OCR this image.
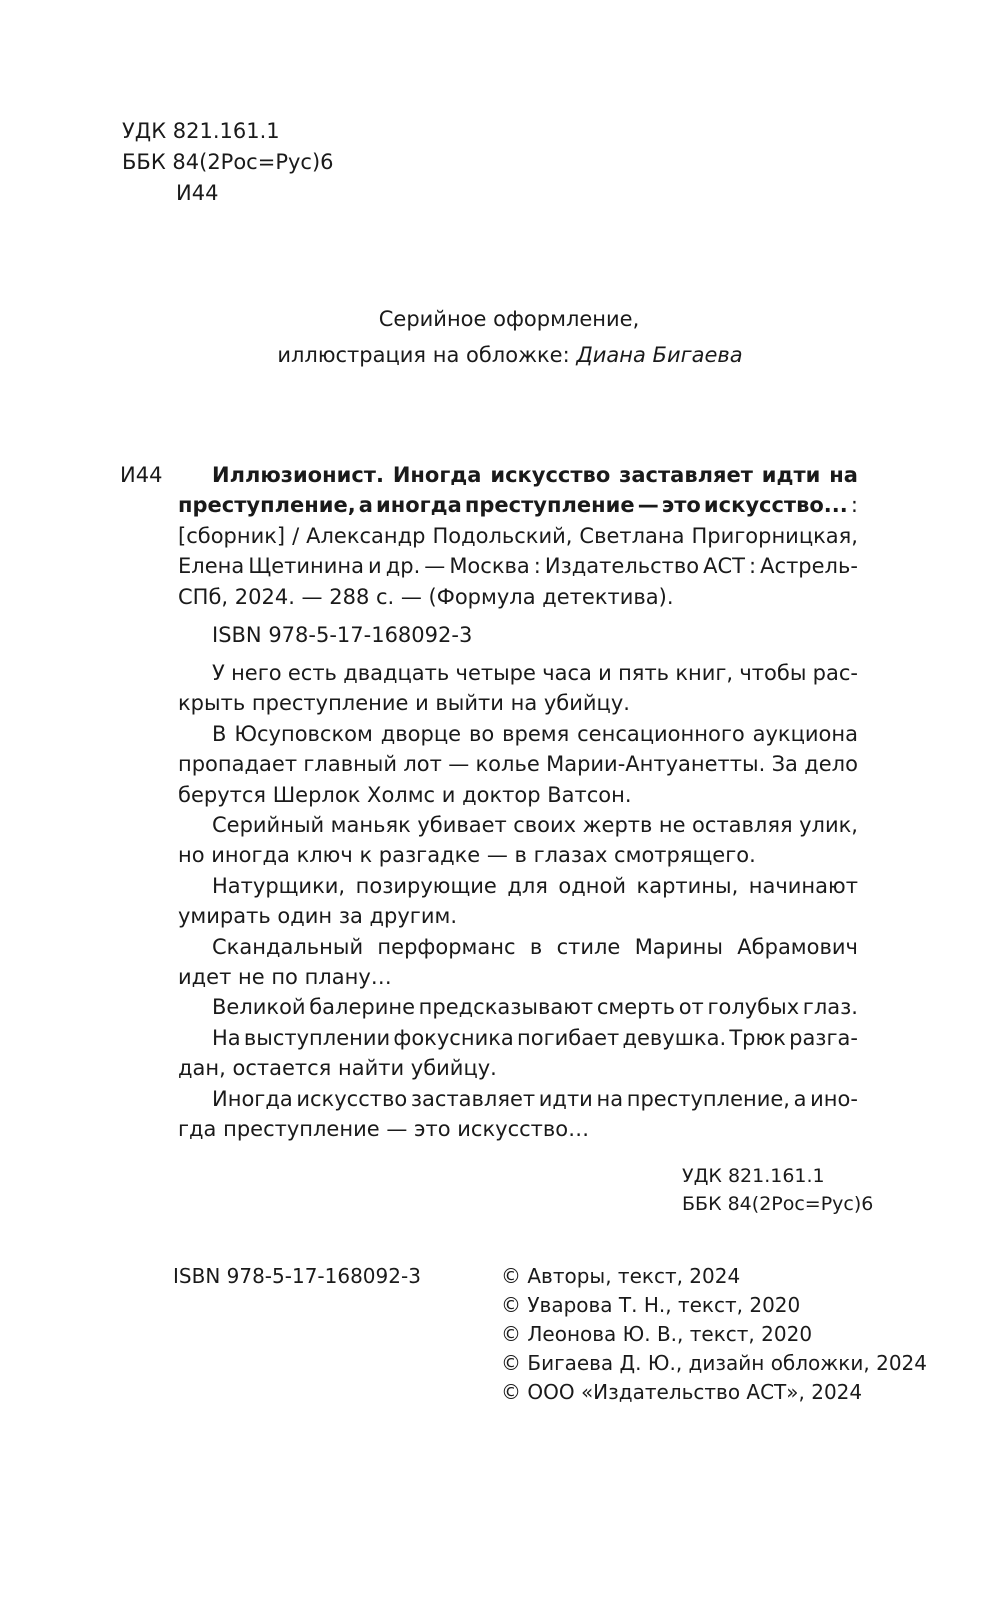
УДК 821.161.1
ББК 84(2Рос=Рус)6
И44
Серийное оформление,
иллюстрация на обложке: Диана Бигаева
И44 Иллюзионист. Иногда искусство заставляет идти на
преступление, а иногда преступление — это искусство... :
[сборник] / Александр Подольский, Светлана Пригорницкая,
Елена Щетинина и др. — Москва : Издательство АСТ : Астрель-
СПб, 2024. — 288 с. — (Формула детектива).
ISBN 978-5-17-168092-3
У него есть двадцать четыре часа и пять книг, чтобы рас-
крыть преступление и выйти на убийцу.
В Юсуповском дворце во время сенсационного аукциона
пропадает главный лот — колье Марии-Антуанетты. За дело
берутся Шерлок Холмс и доктор Ватсон.
Серийный маньяк убивает своих жертв не оставляя улик,
но иногда ключ к разгадке — в глазах смотрящего.
Натурщики, позирующие для одной картины, начинают
умирать один за другим.
Скандальный перформанс в стиле Марины Абрамович
идет не по плану…
Великой балерине предсказывают смерть от голубых глаз.
На выступлении фокусника погибает девушка. Трюк разга-
дан, остается найти убийцу.
Иногда искусство заставляет идти на преступление, а ино-
гда преступление — это искусство…
УДК 821.161.1
ББК 84(2Рос=Рус)6
ISBN 978-5-17-168092-3	© Авторы, текст, 2024
© Уварова Т. Н., текст, 2020
© Леонова Ю. В., текст, 2020
© Бигаева Д. Ю., дизайн обложки, 2024
© ООО «Издательство АСТ», 2024
